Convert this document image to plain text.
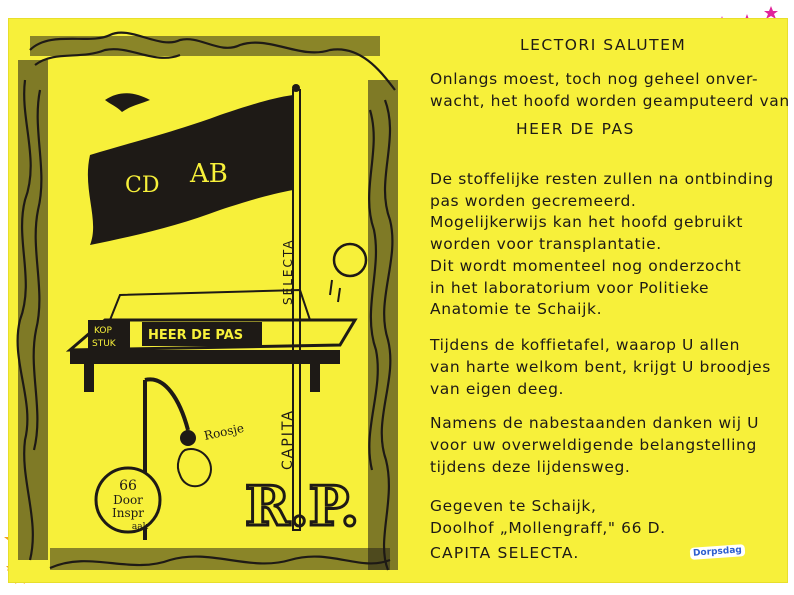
CD AB
SELECTA
CAPITA
KOP
STUK
HEER DE PAS
Roosje
66
Door
Inspr
aak R.P.
LECTORI SALUTEM
Onlangs moest, toch nog geheel onver-
wacht, het hoofd worden geamputeerd van
HEER DE PAS
De stoffelijke resten zullen na ontbinding
pas worden gecremeerd.
Mogelijkerwijs kan het hoofd gebruikt
worden voor transplantatie.
Dit wordt momenteel nog onderzocht
in het laboratorium voor Politieke
Anatomie te Schaijk.
Tijdens de koffietafel, waarop U allen
van harte welkom bent, krijgt U broodjes
van eigen deeg.
Namens de nabestaanden danken wij U
voor uw overweldigende belangstelling
tijdens deze lijdensweg.
Gegeven te Schaijk,
Doolhof „Mollengraff," 66 D.
CAPITA SELECTA.	Dorpsdag
